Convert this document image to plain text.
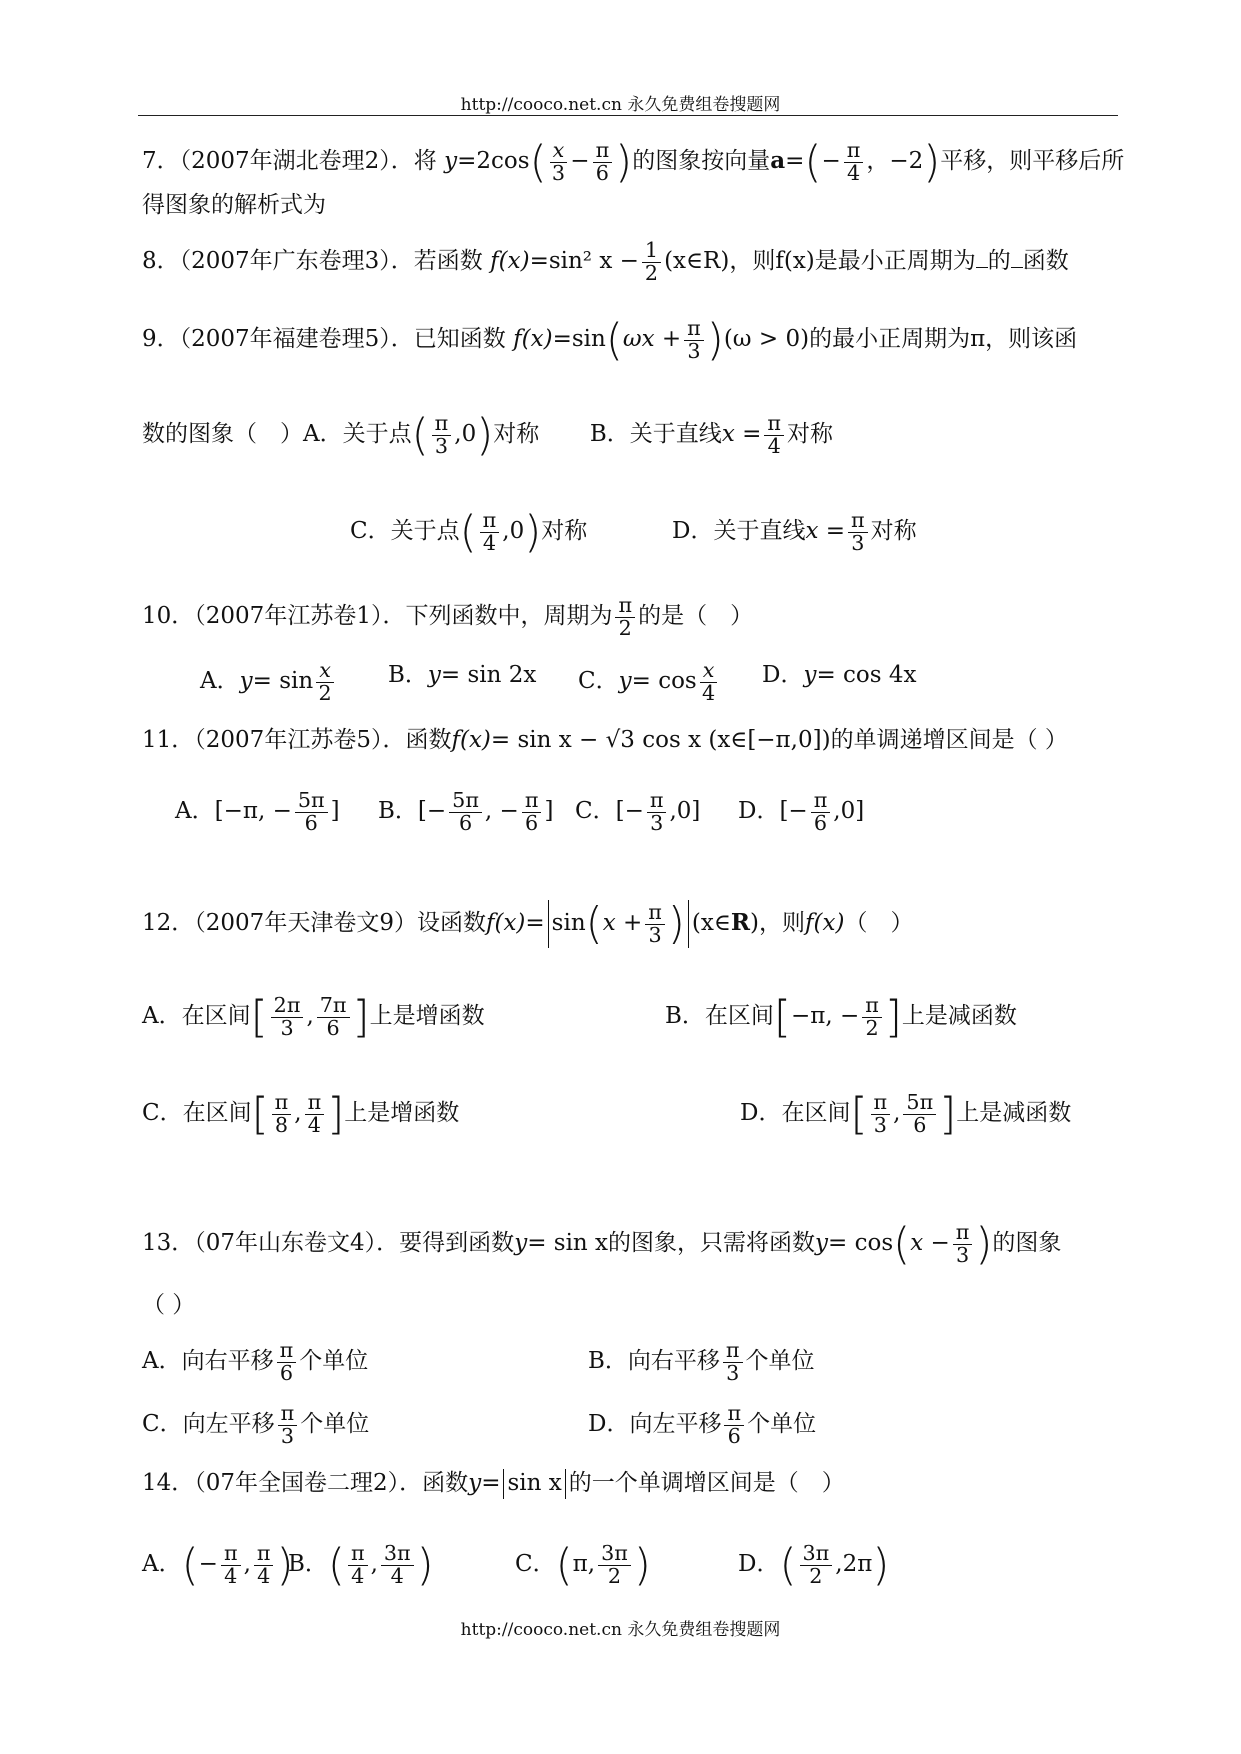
http://cooco.net.cn 永久免费组卷搜题网
7．（2007年湖北卷理2）．将 $y=2\cos( \frac{x}{3} - \frac{\pi}{6}$ )的图象按向量$a=(- \frac{\pi}{4}$ ，−2)平移，则平移后所
得图象的解析式为
8．（2007年广东卷理3）．若函数 f(x)=sin² $x - \frac{1}{2}$ (x∈R)，则f(x)是最小正周期为 的 函数
9．（2007年福建卷理5）．已知函数 $f(x)=\sin(\omega x + \frac{\pi}{3} )(\omega > 0)$的最小正周期为π，则该函
数的图象（　）A．关于点( $\frac{\pi}{3} ,0$)对称 B．关于直线$x = \frac{\pi}{4}$ 对称
C．关于点( $\frac{\pi}{4} ,0$)对称	D．关于直线$x = \frac{\pi}{3}$ 对称
10．（2007年江苏卷1）．下列函数中，周期为 $\frac{\pi}{2}$ 的是（　）
A．$y= \sin \frac{x}{2}$ B．y= sin 2x C．$y= \cos \frac{x}{4}$ D．y= cos 4x
11．（2007年江苏卷5）．函数f(x)= sin x − √3 cos x (x∈[−π,0])的单调递增区间是（ ）
A．[−π, − $\frac{5\pi}{6}$ ] B．[− $\frac{5\pi}{6}$ , − $\frac{\pi}{6}$ ] C．[− $\frac{\pi}{3} ,0$] D．[− $\frac{\pi}{6} ,0$]
12．（2007年天津卷文9）设函数$f(x)= \sin(x + \frac{\pi}{3}$ ) (x∈R)，则f(x)（　）
A．在区间[ $\frac{2\pi}{3}$ , $\frac{7\pi}{6}$ ]上是增函数	B．在区间[−π, − $\frac{\pi}{2}$ ]上是减函数
C．在区间[ $\frac{\pi}{8}$ , $\frac{\pi}{4}$ ]上是增函数	D．在区间[ $\frac{\pi}{3}$ , $\frac{5\pi}{6}$ ]上是减函数
13．（07年山东卷文4）．要得到函数y= sin x的图象，只需将函数$y= \cos(x - \frac{\pi}{3}$ )的图象
（ ）
A．向右平移 $\frac{\pi}{6}$ 个单位	B．向右平移 $\frac{\pi}{3}$ 个单位
C．向左平移 $\frac{\pi}{3}$ 个单位	D．向左平移 $\frac{\pi}{6}$ 个单位
14．（07年全国卷二理2）．函数y= sin x 的一个单调增区间是（　）
A．(− $\frac{\pi}{4}$ , $\frac{\pi}{4}$ )
B．( $\frac{\pi}{4}$ , $\frac{3\pi}{4}$ )	C．(π, $\frac{3\pi}{2}$ )	D．( $\frac{3\pi}{2} ,2\pi$)
http://cooco.net.cn 永久免费组卷搜题网
